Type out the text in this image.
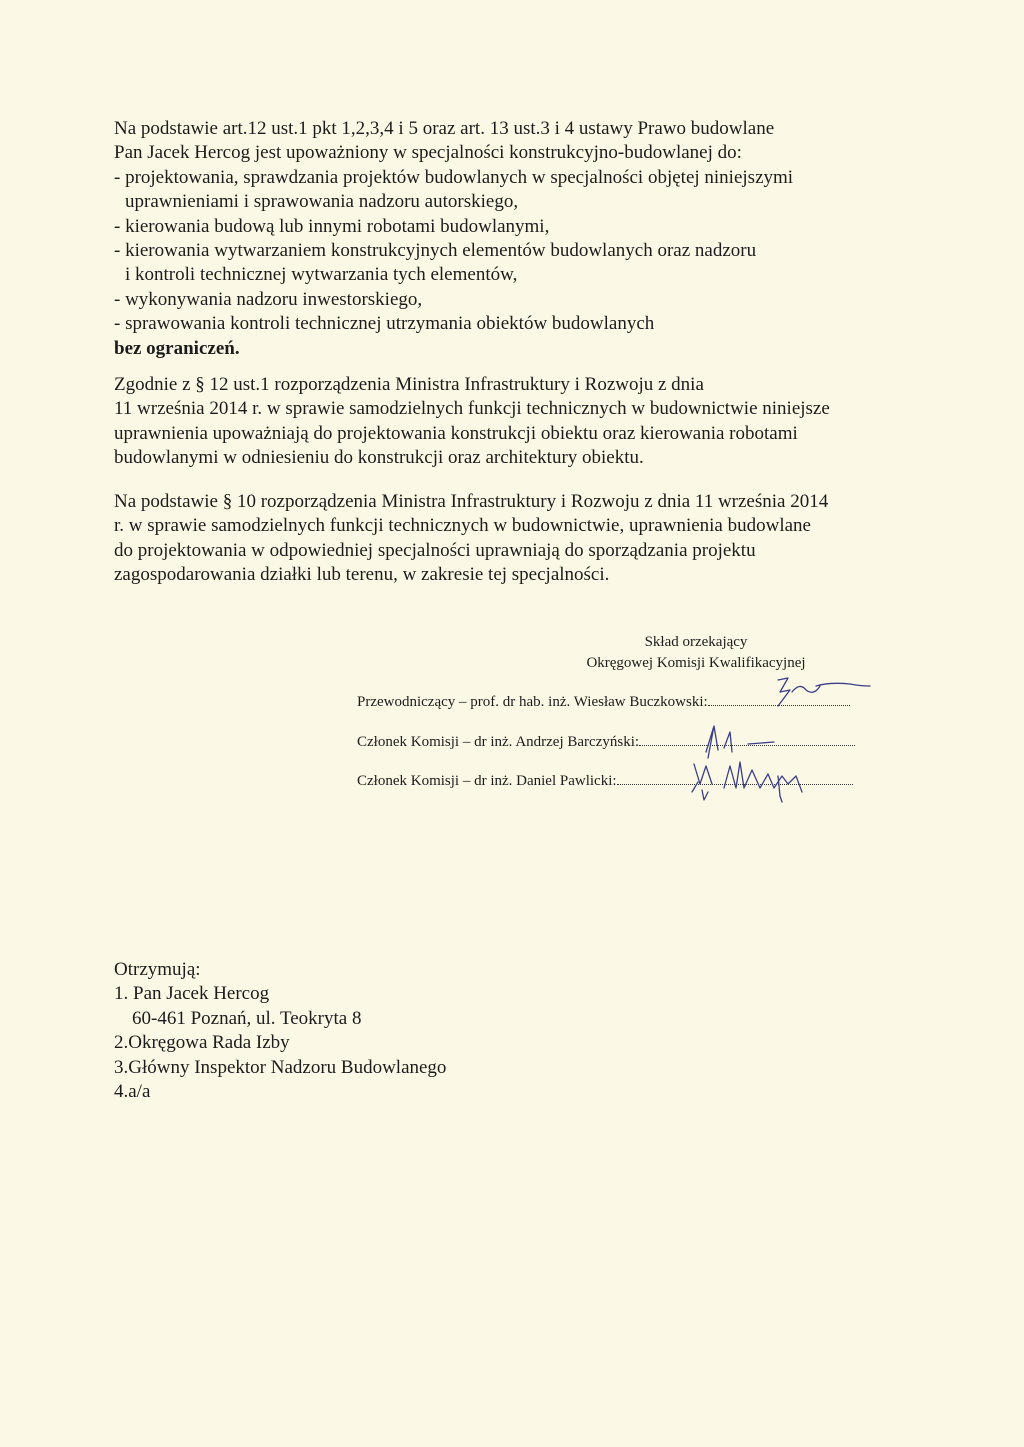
Na podstawie art.12 ust.1 pkt 1,2,3,4 i 5 oraz art. 13 ust.3 i 4 ustawy Prawo budowlane

Pan Jacek Hercog jest upoważniony w specjalności konstrukcyjno-budowlanej do:

- projektowania, sprawdzania projektów budowlanych w specjalności objętej niniejszymi

uprawnieniami i sprawowania nadzoru autorskiego,

- kierowania budową lub innymi robotami budowlanymi,

- kierowania wytwarzaniem konstrukcyjnych elementów budowlanych oraz nadzoru

i kontroli technicznej wytwarzania tych elementów,

- wykonywania nadzoru inwestorskiego,

- sprawowania kontroli technicznej utrzymania obiektów budowlanych

bez ograniczeń.

Zgodnie z § 12 ust.1 rozporządzenia Ministra Infrastruktury i Rozwoju z dnia

11 września 2014 r. w sprawie samodzielnych funkcji technicznych w budownictwie niniejsze

uprawnienia upoważniają do projektowania konstrukcji obiektu oraz kierowania robotami

budowlanymi w odniesieniu do konstrukcji oraz architektury obiektu.

Na podstawie § 10 rozporządzenia Ministra Infrastruktury i Rozwoju z dnia 11 września 2014

r. w sprawie samodzielnych funkcji technicznych w budownictwie, uprawnienia budowlane

do projektowania w odpowiedniej specjalności uprawniają do sporządzania projektu

zagospodarowania działki lub terenu, w zakresie tej specjalności.

Skład orzekający
Okręgowej Komisji Kwalifikacyjnej
Przewodniczący – prof. dr hab. inż. Wiesław Buczkowski:
Członek Komisji – dr inż. Andrzej Barczyński:
Członek Komisji – dr inż. Daniel Pawlicki:

Otrzymują:

1. Pan Jacek Hercog

60-461 Poznań, ul. Teokryta 8

2.Okręgowa Rada Izby

3.Główny Inspektor Nadzoru Budowlanego

4.a/a
